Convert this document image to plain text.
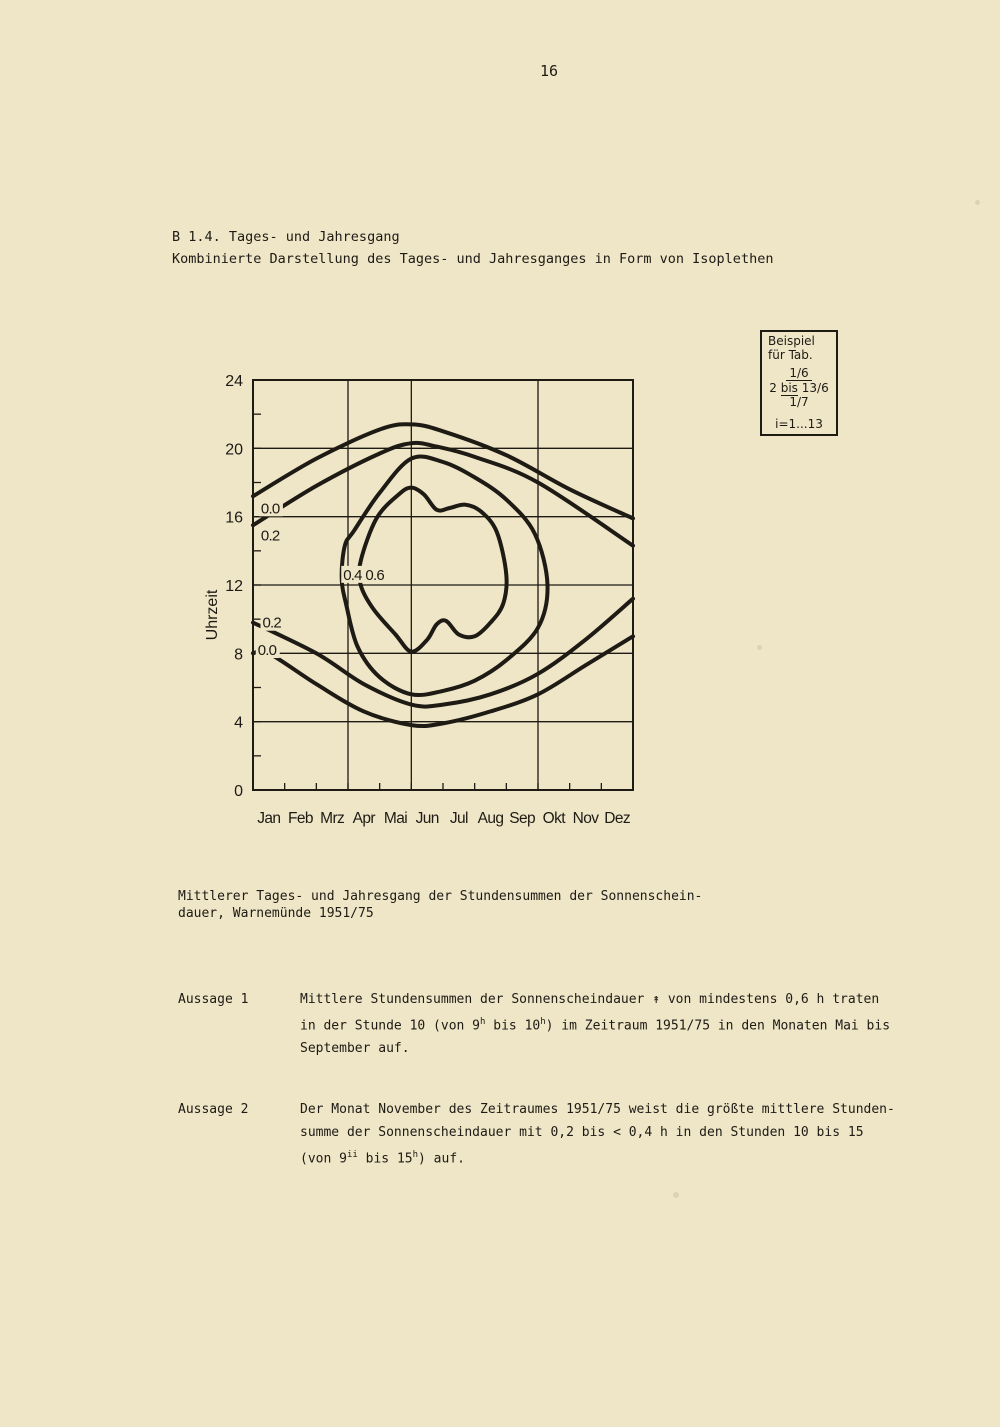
16
B 1.4. Tages- und Jahresgang
Kombinierte Darstellung des Tages- und Jahresganges in Form von Isoplethen
Beispiel
für Tab.
1/6
2 bis 13/6
1/7
i=1...13
0
4
8
12
16
20
24
Jan Feb Mrz Apr Mai Jun Jul Aug Sep Okt Nov Dez
Uhrzeit
0.0
0.2
0.4 0.6
0.2
0.0
Mittlerer Tages- und Jahresgang der Stundensummen der Sonnenschein-
dauer, Warnemünde 1951/75
Aussage 1	Mittlere Stundensummen der Sonnenscheindauer ↟ von mindestens 0,6 h traten
in der Stunde 10 (von 9$^h$ bis 10$^h$) im Zeitraum 1951/75 in den Monaten Mai bis
September auf.
Aussage 2	Der Monat November des Zeitraumes 1951/75 weist die größte mittlere Stunden-
summe der Sonnenscheindauer mit 0,2 bis < 0,4 h in den Stunden 10 bis 15
(von 9$^{ii}$ bis 15$^h$) auf.
